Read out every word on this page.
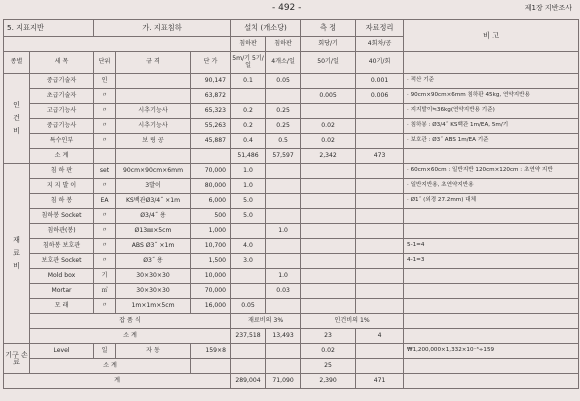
- 492 -	제1장 지반조사
5. 지표지반		가. 지표침하			설치 (개소당)		측 정	자료정리	비 고
					침하판	침하판	회당/기	4회차/공	
종별	세 목	단위	규 격	단 가	5m/기 5기/일	4개소/일	50기/일	40기/회	

인
건
비	중급기술자	인		90,147	0.1	0.05		0.001	· 적산 기준
	초급기술자	〃		63,872			0.005	0.006	· 90cm×90cm×6mm 침하판 45kg, 연약지반용
	고급기능사	〃	시추기능사	65,323	0.2	0.25			· 지지발이≒36kg(연약지반용 기준)
	중급기능사	〃	시추기능사	55,263	0.2	0.25	0.02		· 침하봉 : Ø3/4˝ KS백관 1m/EA, 5m/기
	특수인부	〃	보 링 공	45,887	0.4	0.5	0.02		· 보호관 : Ø3˝ ABS 1m/EA 기준
	소 계				51,486	57,597	2,342	473	

재
료
비	침 하 판	set	90cm×90cm×6mm	70,000	1.0				· 60cm×60cm : 일반지반 120cm×120cm : 초연약 지반
	지 지 발 이	〃	3발이	80,000	1.0				· 일반지반용, 초연약지반용
	침 하 봉	EA	KS백관Ø3/4˝ ×1m	6,000	5.0				· Ø1˝ (외경 27.2mm) 대체
	침하봉 Socket	〃	Ø3/4˝ 용	500	5.0				
	침하관(봉)	〃	Ø13㎜×5cm	1,000		1.0			
	침하봉 보호관	〃	ABS Ø3˝ ×1m	10,700	4.0				5-1=4
	보호관 Socket	〃	Ø3˝ 용	1,500	3.0				4-1=3
	Mold box	기	30×30×30	10,000		1.0			
	Mortar	㎥	30×30×30	70,000		0.03			
	모 래	〃	1m×1m×5cm	16,000	0.05				
	잡 품 식				재료비의 3%		인건비의 1%		
	소 계				237,518	13,493	23	4	
기구 손료	Level	일	자 동	159×8			0.02		₩1,200,000×1,332×10⁻³÷159
	소 계						25		
계					289,004	71,090	2,390	471	
